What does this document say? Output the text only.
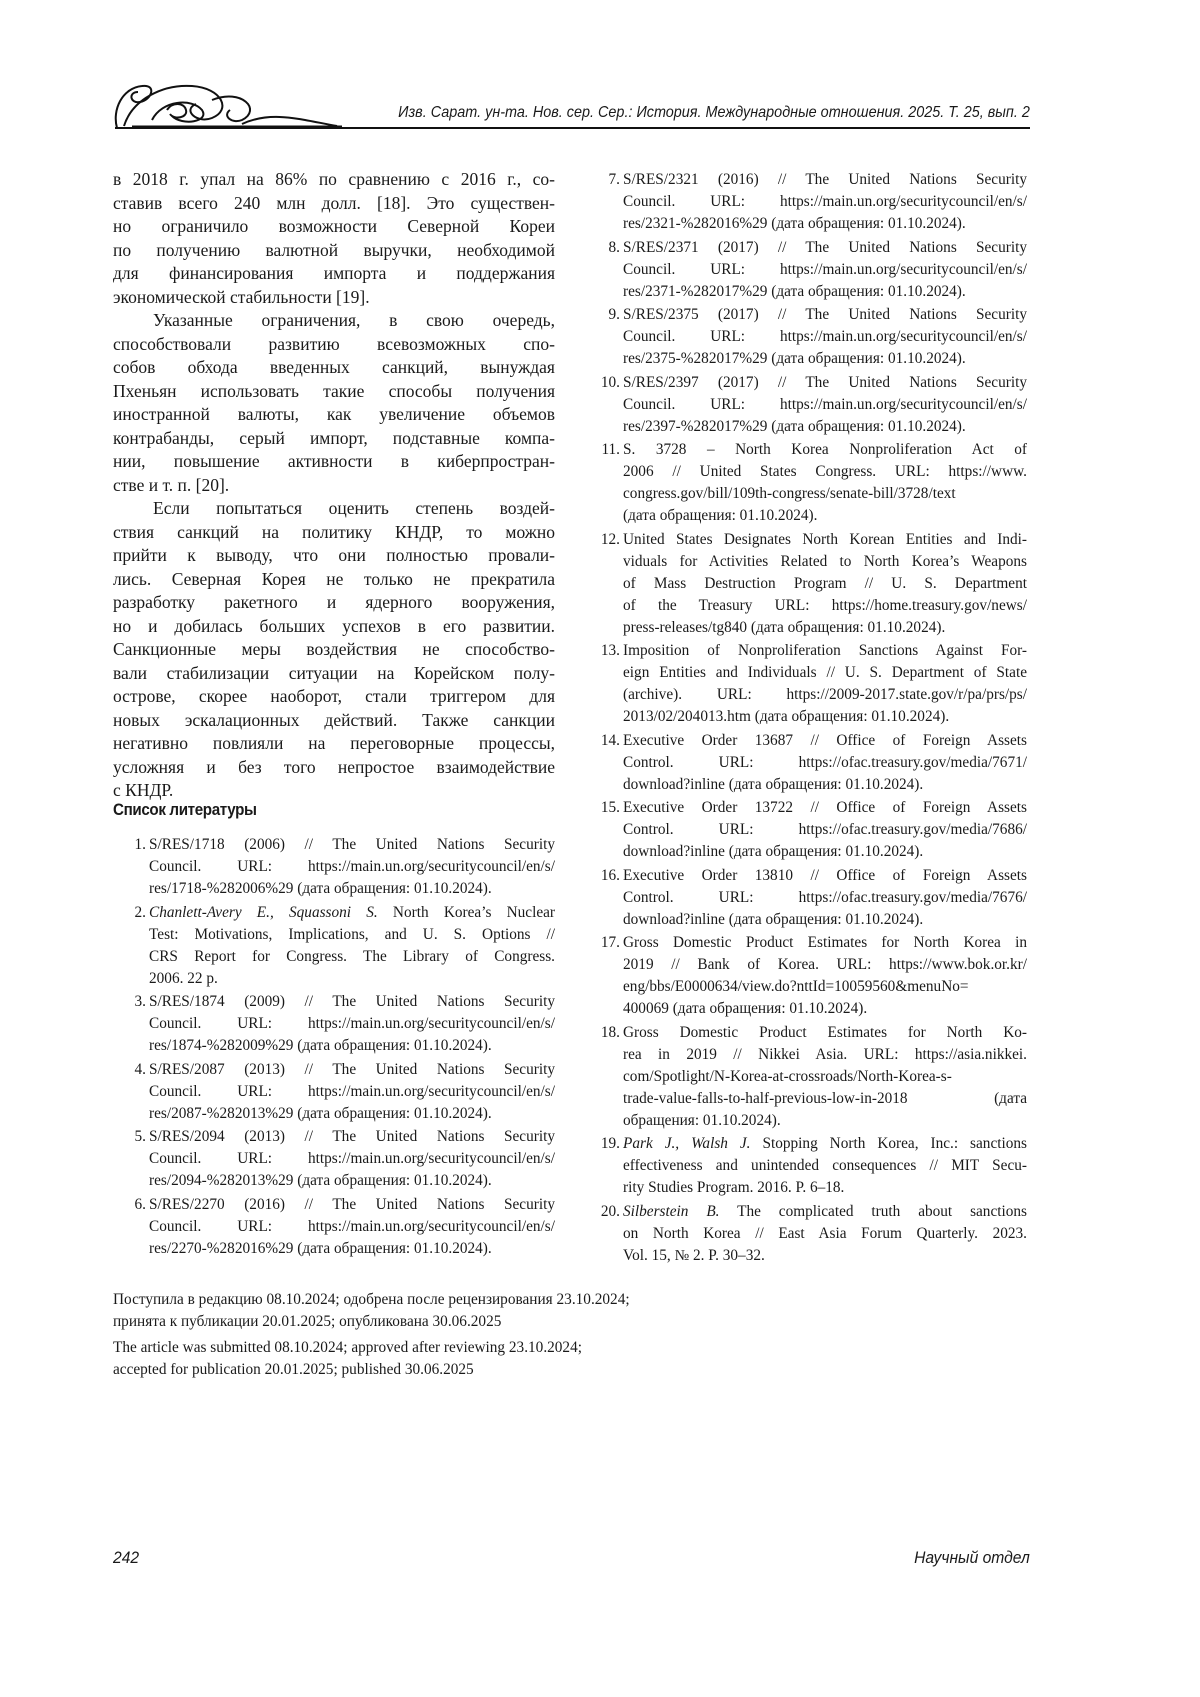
Изв. Сарат. ун-та. Нов. сер. Сер.: История. Международные отношения. 2025. Т. 25, вып. 2
в 2018 г. упал на 86% по сравнению с 2016 г., со-
ставив всего 240 млн долл. [18]. Это существен-
но ограничило возможности Северной Кореи
по получению валютной выручки, необходимой
для финансирования импорта и поддержания
экономической стабильности [19].
Указанные ограничения, в свою очередь,
способствовали развитию всевозможных спо-
собов обхода введенных санкций, вынуждая
Пхеньян использовать такие способы получения
иностранной валюты, как увеличение объемов
контрабанды, серый импорт, подставные компа-
нии, повышение активности в киберпростран-
стве и т. п. [20].
Если попытаться оценить степень воздей-
ствия санкций на политику КНДР, то можно
прийти к выводу, что они полностью провали-
лись. Северная Корея не только не прекратила
разработку ракетного и ядерного вооружения,
но и добилась больших успехов в его развитии.
Санкционные меры воздействия не способство-
вали стабилизации ситуации на Корейском полу-
острове, скорее наоборот, стали триггером для
новых эскалационных действий. Также санкции
негативно повлияли на переговорные процессы,
усложняя и без того непростое взаимодействие
с КНДР.
Список литературы
1. S/RES/1718 (2006) // The United Nations Security
Council. URL: https://main.un.org/securitycouncil/en/s/
res/1718-%282006%29 (дата обращения: 01.10.2024).
2. Chanlett-Avery E., Squassoni S. North Korea’s Nuclear
Test: Motivations, Implications, and U. S. Options //
CRS Report for Congress. The Library of Congress.
2006. 22 p.
3. S/RES/1874 (2009) // The United Nations Security
Council. URL: https://main.un.org/securitycouncil/en/s/
res/1874-%282009%29 (дата обращения: 01.10.2024).
4. S/RES/2087 (2013) // The United Nations Security
Council. URL: https://main.un.org/securitycouncil/en/s/
res/2087-%282013%29 (дата обращения: 01.10.2024).
5. S/RES/2094 (2013) // The United Nations Security
Council. URL: https://main.un.org/securitycouncil/en/s/
res/2094-%282013%29 (дата обращения: 01.10.2024).
6. S/RES/2270 (2016) // The United Nations Security
Council. URL: https://main.un.org/securitycouncil/en/s/
res/2270-%282016%29 (дата обращения: 01.10.2024).
7. S/RES/2321 (2016) // The United Nations Security
Council. URL: https://main.un.org/securitycouncil/en/s/
res/2321-%282016%29 (дата обращения: 01.10.2024).
8. S/RES/2371 (2017) // The United Nations Security
Council. URL: https://main.un.org/securitycouncil/en/s/
res/2371-%282017%29 (дата обращения: 01.10.2024).
9. S/RES/2375 (2017) // The United Nations Security
Council. URL: https://main.un.org/securitycouncil/en/s/
res/2375-%282017%29 (дата обращения: 01.10.2024).
10. S/RES/2397 (2017) // The United Nations Security
Council. URL: https://main.un.org/securitycouncil/en/s/
res/2397-%282017%29 (дата обращения: 01.10.2024).
11. S. 3728 – North Korea Nonproliferation Act of
2006 // United States Congress. URL: https://www.
congress.gov/bill/109th-congress/senate-bill/3728/text
(дата обращения: 01.10.2024).
12. United States Designates North Korean Entities and Indi-
viduals for Activities Related to North Korea’s Weapons
of Mass Destruction Program // U. S. Department
of the Treasury URL: https://home.treasury.gov/news/
press-releases/tg840 (дата обращения: 01.10.2024).
13. Imposition of Nonproliferation Sanctions Against For-
eign Entities and Individuals // U. S. Department of State
(archive). URL: https://2009-2017.state.gov/r/pa/prs/ps/
2013/02/204013.htm (дата обращения: 01.10.2024).
14. Executive Order 13687 // Office of Foreign Assets
Control. URL: https://ofac.treasury.gov/media/7671/
download?inline (дата обращения: 01.10.2024).
15. Executive Order 13722 // Office of Foreign Assets
Control. URL: https://ofac.treasury.gov/media/7686/
download?inline (дата обращения: 01.10.2024).
16. Executive Order 13810 // Office of Foreign Assets
Control. URL: https://ofac.treasury.gov/media/7676/
download?inline (дата обращения: 01.10.2024).
17. Gross Domestic Product Estimates for North Korea in
2019 // Bank of Korea. URL: https://www.bok.or.kr/
eng/bbs/E0000634/view.do?nttId=10059560&menuNo=
400069 (дата обращения: 01.10.2024).
18. Gross Domestic Product Estimates for North Ko-
rea in 2019 // Nikkei Asia. URL: https://asia.nikkei.
com/Spotlight/N-Korea-at-crossroads/North-Korea-s-
trade-value-falls-to-half-previous-low-in-2018 (дата
обращения: 01.10.2024).
19. Park J., Walsh J. Stopping North Korea, Inc.: sanctions
effectiveness and unintended consequences // MIT Secu-
rity Studies Program. 2016. P. 6–18.
20. Silberstein B. The complicated truth about sanctions
on North Korea // East Asia Forum Quarterly. 2023.
Vol. 15, № 2. P. 30–32.
Поступила в редакцию 08.10.2024; одобрена после рецензирования 23.10.2024;
принята к публикации 20.01.2025; опубликована 30.06.2025
The article was submitted 08.10.2024; approved after reviewing 23.10.2024;
accepted for publication 20.01.2025; published 30.06.2025
242	Научный отдел
